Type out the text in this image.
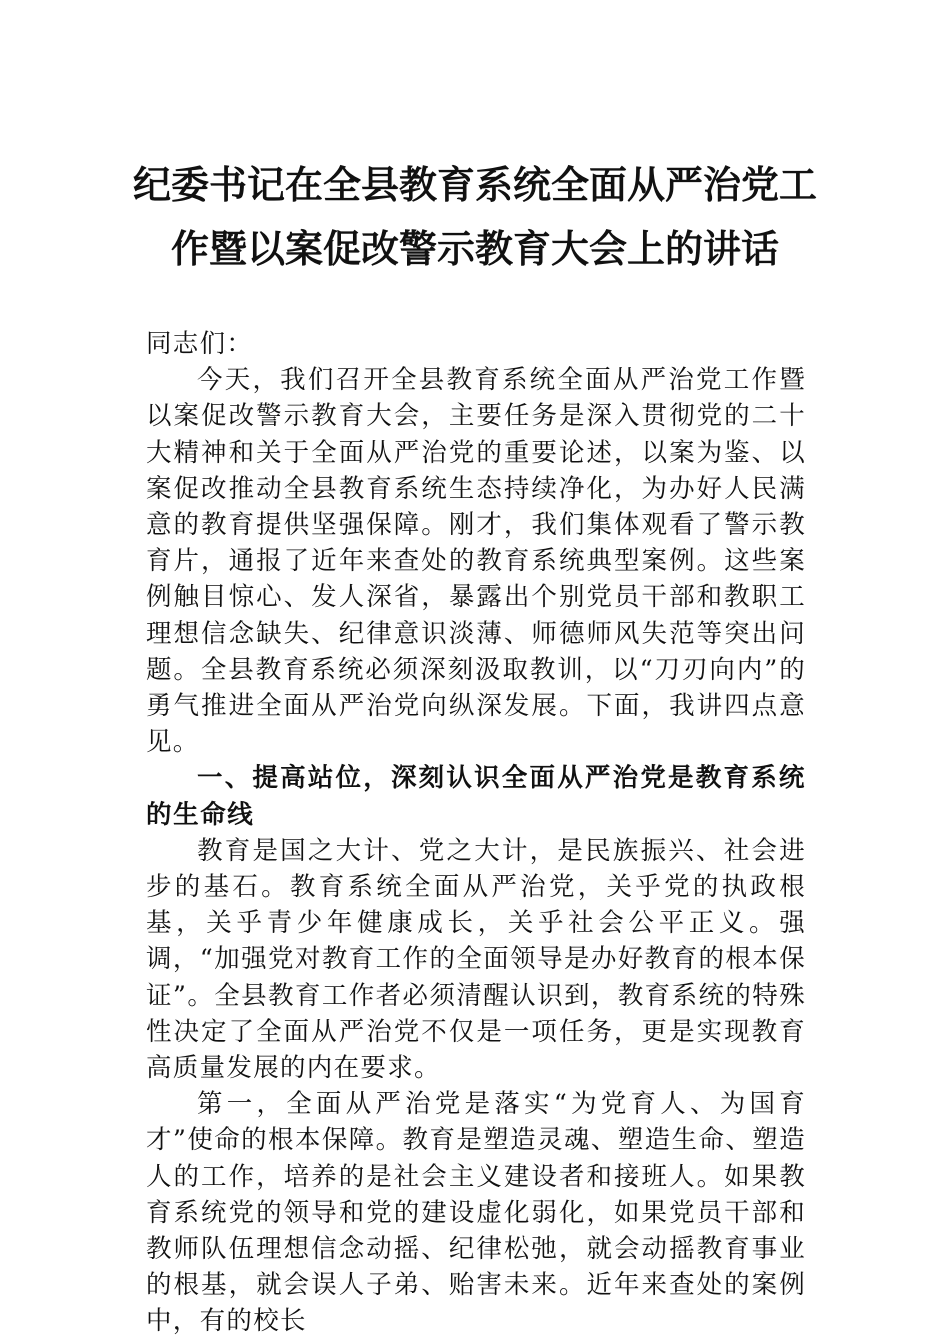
纪委书记在全县教育系统全面从严治党工
作暨以案促改警示教育大会上的讲话

同志们：

今天，我们召开全县教育系统全面从严治党工作暨以案促改警示教育大会，主要任务是深入贯彻党的二十大精神和关于全面从严治党的重要论述，以案为鉴、以案促改推动全县教育系统生态持续净化，为办好人民满意的教育提供坚强保障。刚才，我们集体观看了警示教育片，通报了近年来查处的教育系统典型案例。这些案例触目惊心、发人深省，暴露出个别党员干部和教职工理想信念缺失、纪律意识淡薄、师德师风失范等突出问题。全县教育系统必须深刻汲取教训，以“刀刃向内”的勇气推进全面从严治党向纵深发展。下面，我讲四点意见。

一、提高站位，深刻认识全面从严治党是教育系统的生命线

教育是国之大计、党之大计，是民族振兴、社会进步的基石。教育系统全面从严治党，关乎党的执政根基，关乎青少年健康成长，关乎社会公平正义。强调，“加强党对教育工作的全面领导是办好教育的根本保证”。全县教育工作者必须清醒认识到，教育系统的特殊性决定了全面从严治党不仅是一项任务，更是实现教育高质量发展的内在要求。

第一，全面从严治党是落实“为党育人、为国育才”使命的根本保障。教育是塑造灵魂、塑造生命、塑造人的工作，培养的是社会主义建设者和接班人。如果教育系统党的领导和党的建设虚化弱化，如果党员干部和教师队伍理想信念动摇、纪律松弛，就会动摇教育事业的根基，就会误人子弟、贻害未来。近年来查处的案例中，有的校长
